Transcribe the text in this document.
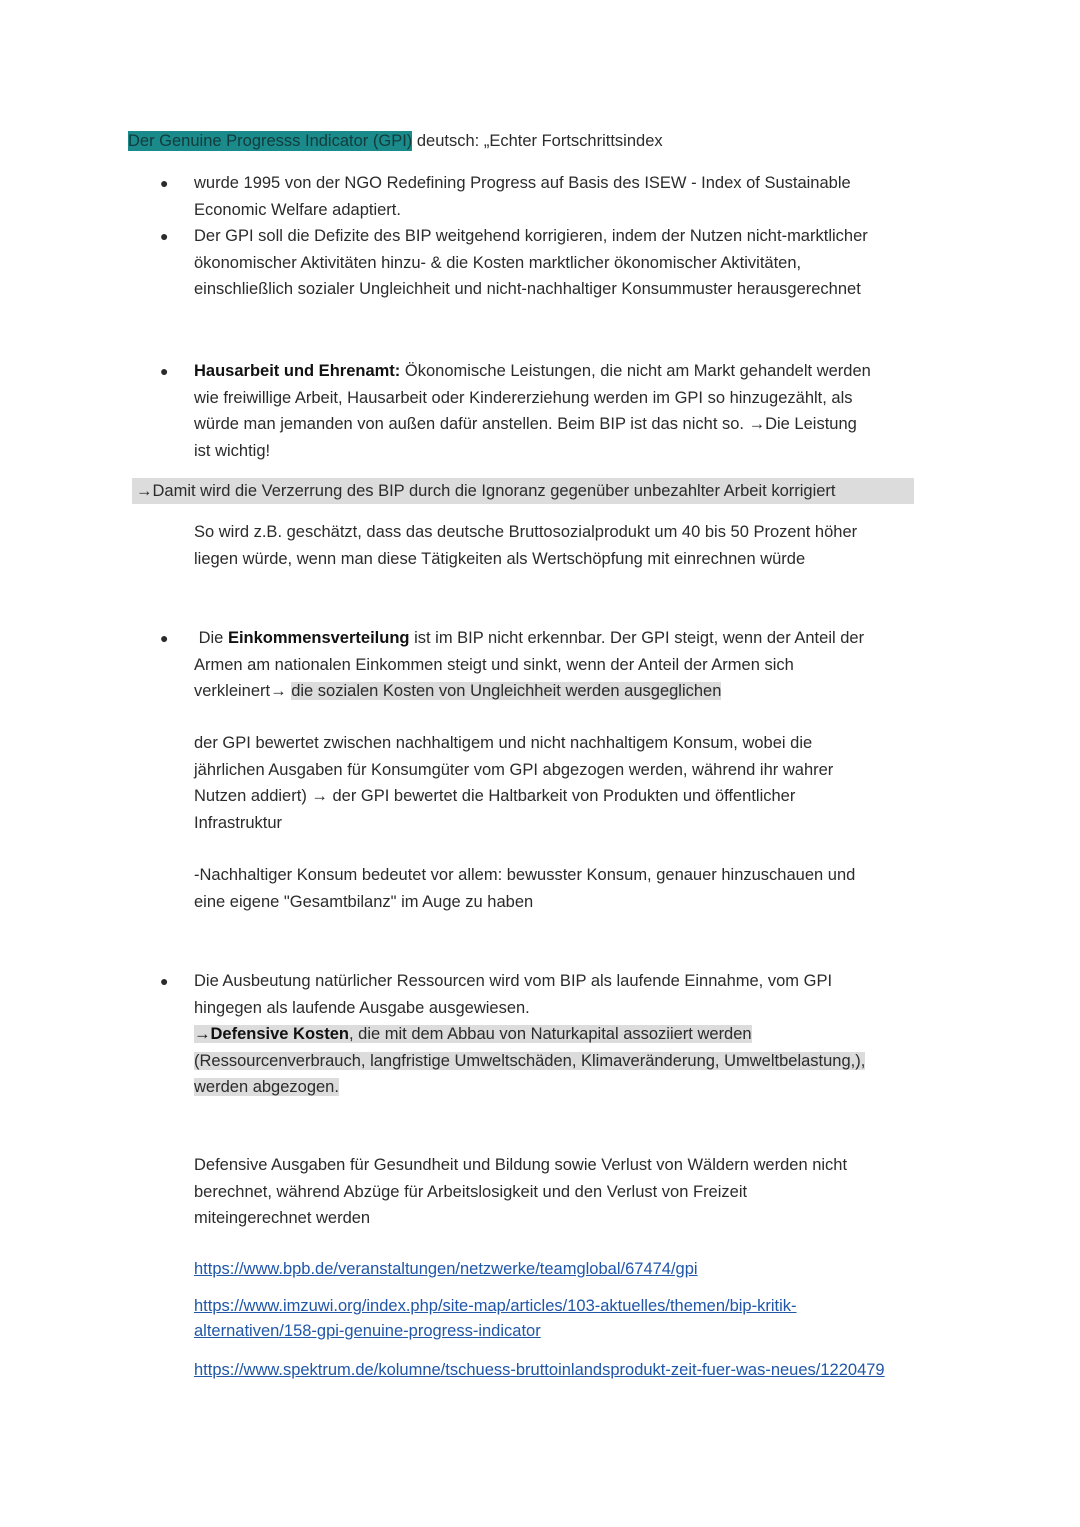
Der Genuine Progresss Indicator (GPI) deutsch: „Echter Fortschrittsindex
● wurde 1995 von der NGO Redefining Progress auf Basis des ISEW - Index of Sustainable
Economic Welfare adaptiert.
● Der GPI soll die Defizite des BIP weitgehend korrigieren, indem der Nutzen nicht-marktlicher
ökonomischer Aktivitäten hinzu- & die Kosten marktlicher ökonomischer Aktivitäten,
einschließlich sozialer Ungleichheit und nicht-nachhaltiger Konsummuster herausgerechnet
● Hausarbeit und Ehrenamt: Ökonomische Leistungen, die nicht am Markt gehandelt werden
wie freiwillige Arbeit, Hausarbeit oder Kindererziehung werden im GPI so hinzugezählt, als
würde man jemanden von außen dafür anstellen. Beim BIP ist das nicht so. →Die Leistung
ist wichtig!
→Damit wird die Verzerrung des BIP durch die Ignoranz gegenüber unbezahlter Arbeit korrigiert
So wird z.B. geschätzt, dass das deutsche Bruttosozialprodukt um 40 bis 50 Prozent höher
liegen würde, wenn man diese Tätigkeiten als Wertschöpfung mit einrechnen würde
● Die Einkommensverteilung ist im BIP nicht erkennbar. Der GPI steigt, wenn der Anteil der
Armen am nationalen Einkommen steigt und sinkt, wenn der Anteil der Armen sich
verkleinert→ die sozialen Kosten von Ungleichheit werden ausgeglichen
der GPI bewertet zwischen nachhaltigem und nicht nachhaltigem Konsum, wobei die
jährlichen Ausgaben für Konsumgüter vom GPI abgezogen werden, während ihr wahrer
Nutzen addiert) → der GPI bewertet die Haltbarkeit von Produkten und öffentlicher
Infrastruktur
-Nachhaltiger Konsum bedeutet vor allem: bewusster Konsum, genauer hinzuschauen und
eine eigene "Gesamtbilanz" im Auge zu haben
● Die Ausbeutung natürlicher Ressourcen wird vom BIP als laufende Einnahme, vom GPI
hingegen als laufende Ausgabe ausgewiesen.
→Defensive Kosten, die mit dem Abbau von Naturkapital assoziiert werden
(Ressourcenverbrauch, langfristige Umweltschäden, Klimaveränderung, Umweltbelastung,),
werden abgezogen.
Defensive Ausgaben für Gesundheit und Bildung sowie Verlust von Wäldern werden nicht
berechnet, während Abzüge für Arbeitslosigkeit und den Verlust von Freizeit
miteingerechnet werden
https://www.bpb.de/veranstaltungen/netzwerke/teamglobal/67474/gpi
https://www.imzuwi.org/index.php/site-map/articles/103-aktuelles/themen/bip-kritik-
alternativen/158-gpi-genuine-progress-indicator
https://www.spektrum.de/kolumne/tschuess-bruttoinlandsprodukt-zeit-fuer-was-neues/1220479
